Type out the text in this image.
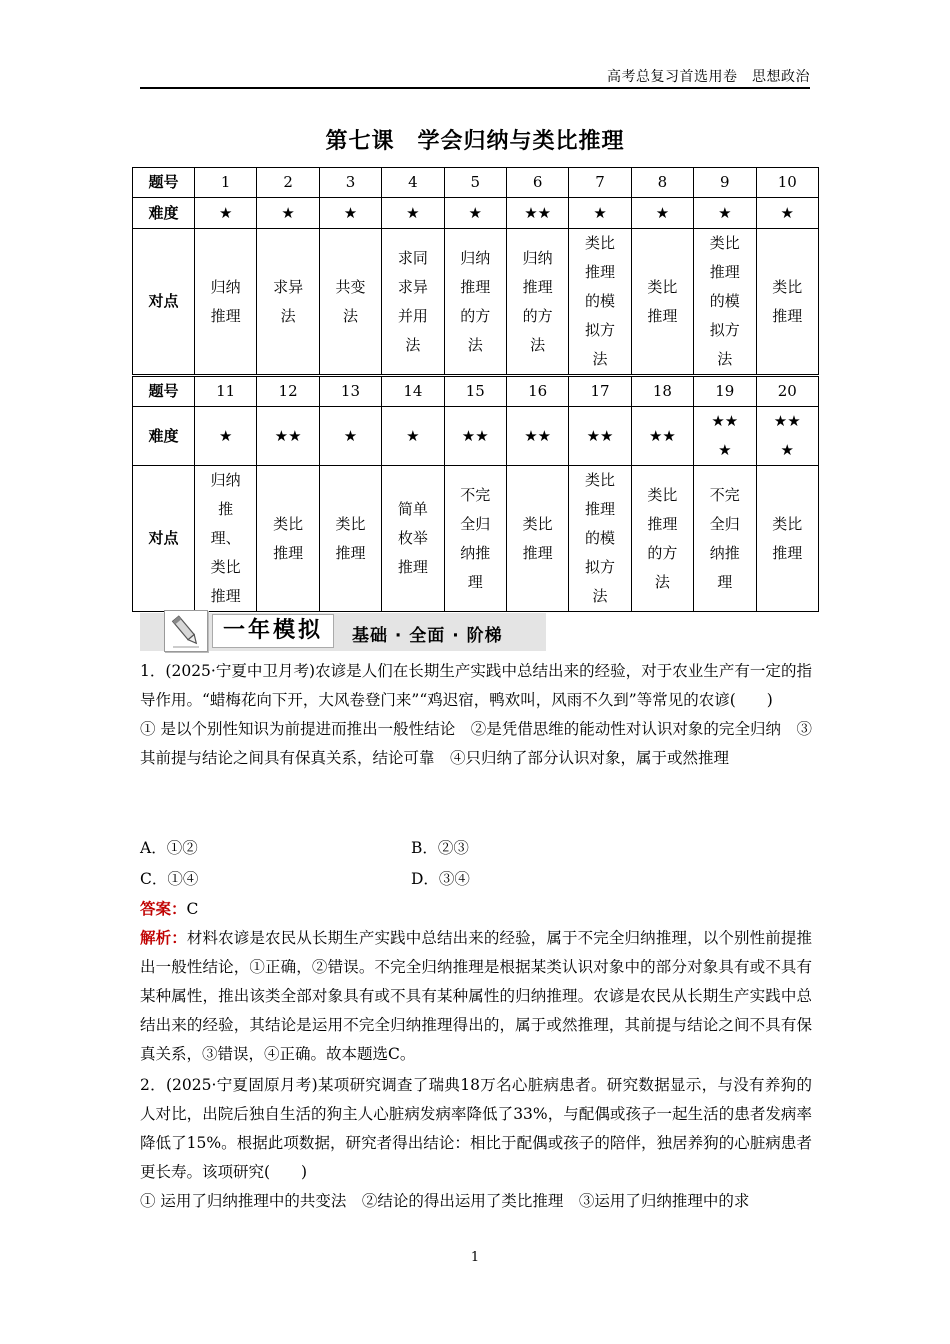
高考总复习首选用卷　思想政治
第七课　学会归纳与类比推理
题号	1	2	3	4	5	6	7	8	9	10
难度	★	★	★	★	★	★★	★	★	★	★
对点	归纳推理	求异法	共变法	求同求异并用法	归纳推理的方法	归纳推理的方法	类比推理的模拟方法	类比推理	类比推理的模拟方法	类比推理

题号	11	12	13	14	15	16	17	18	19	20
难度	★	★★	★	★	★★	★★	★★	★★	★★★	★★★

对点	归纳推理、类比推理	类比推理	类比推理	简单枚举推理	不完全归纳推理	类比推理	类比推理的模拟方法	类比推理的方法	不完全归纳推理	类比推理
一年模拟	基础 · 全面 · 阶梯
1．(2025·宁夏中卫月考)农谚是人们在长期生产实践中总结出来的经验，对于农业生产有一定的指导作用。“蜡梅花向下开，大风卷登门来”“鸡迟宿，鸭欢叫，风雨不久到”等常见的农谚(　　)
① 是以个别性知识为前提进而推出一般性结论　②是凭借思维的能动性对认识对象的完全归纳　③其前提与结论之间具有保真关系，结论可靠　④只归纳了部分认识对象，属于或然推理
A．①②	B．②③
C．①④	D．③④
答案：C
解析：材料农谚是农民从长期生产实践中总结出来的经验，属于不完全归纳推理，以个别性前提推出一般性结论，①正确，②错误。不完全归纳推理是根据某类认识对象中的部分对象具有或不具有某种属性，推出该类全部对象具有或不具有某种属性的归纳推理。农谚是农民从长期生产实践中总结出来的经验，其结论是运用不完全归纳推理得出的，属于或然推理，其前提与结论之间不具有保真关系，③错误，④正确。故本题选C。
2．(2025·宁夏固原月考)某项研究调查了瑞典18万名心脏病患者。研究数据显示，与没有养狗的人对比，出院后独自生活的狗主人心脏病发病率降低了33%，与配偶或孩子一起生活的患者发病率降低了15%。根据此项数据，研究者得出结论：相比于配偶或孩子的陪伴，独居养狗的心脏病患者更长寿。该项研究(　　)
① 运用了归纳推理中的共变法　②结论的得出运用了类比推理　③运用了归纳推理中的求
1
